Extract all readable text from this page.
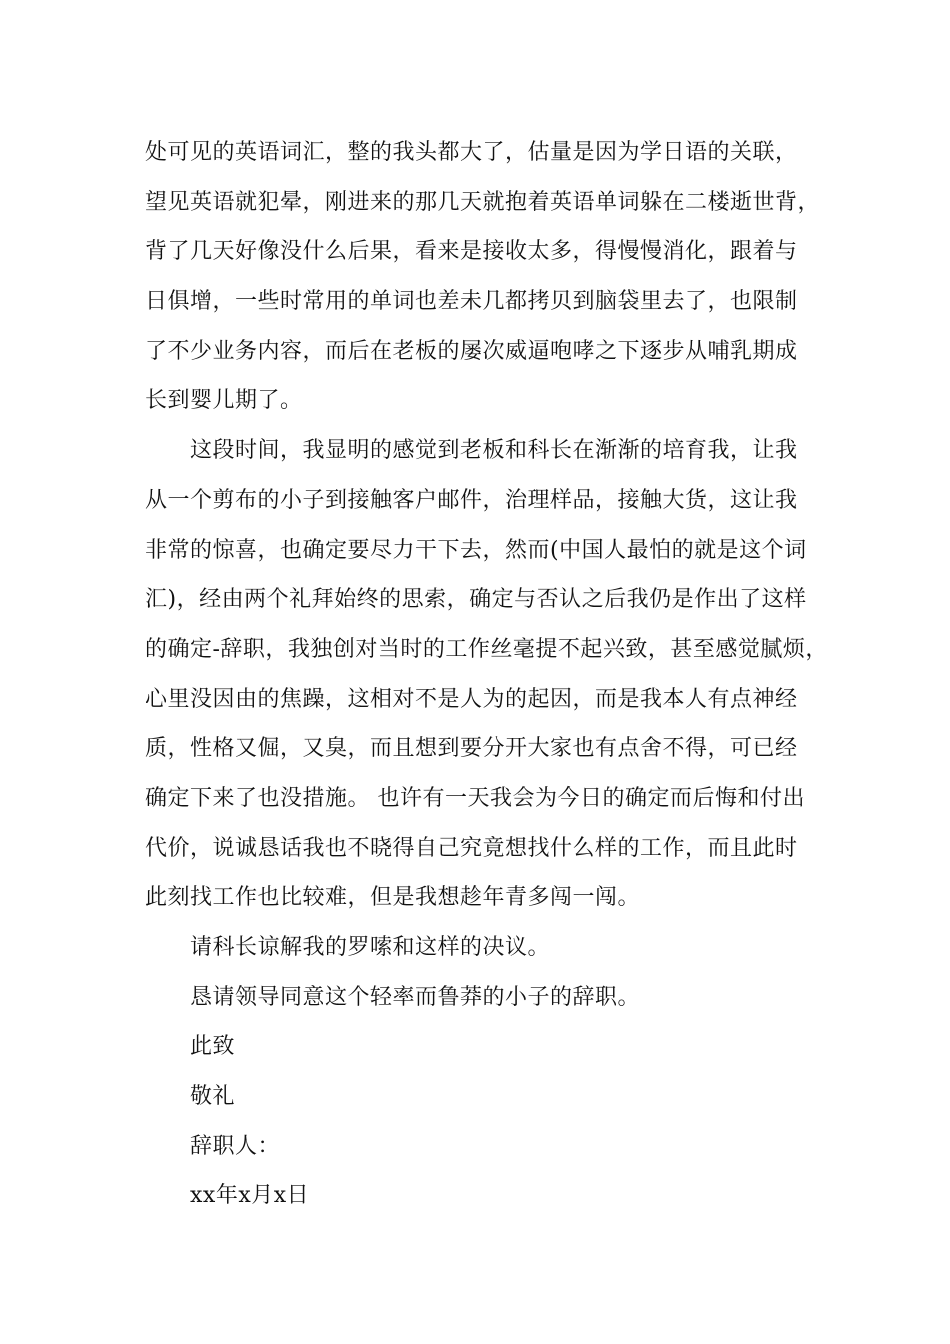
处可见的英语词汇，整的我头都大了，估量是因为学日语的关联，
望见英语就犯晕，刚进来的那几天就抱着英语单词躲在二楼逝世背，
背了几天好像没什么后果，看来是接收太多，得慢慢消化，跟着与
日俱增，一些时常用的单词也差未几都拷贝到脑袋里去了，也限制
了不少业务内容，而后在老板的屡次威逼咆哮之下逐步从哺乳期成
长到婴儿期了。
这段时间，我显明的感觉到老板和科长在渐渐的培育我，让我
从一个剪布的小子到接触客户邮件，治理样品，接触大货，这让我
非常的惊喜，也确定要尽力干下去，然而(中国人最怕的就是这个词
汇)，经由两个礼拜始终的思索，确定与否认之后我仍是作出了这样
的确定-辞职，我独创对当时的工作丝毫提不起兴致，甚至感觉腻烦，
心里没因由的焦躁，这相对不是人为的起因，而是我本人有点神经
质，性格又倔，又臭，而且想到要分开大家也有点舍不得，可已经
确定下来了也没措施。 也许有一天我会为今日的确定而后悔和付出
代价，说诚恳话我也不晓得自己究竟想找什么样的工作，而且此时
此刻找工作也比较难，但是我想趁年青多闯一闯。
请科长谅解我的罗嗦和这样的决议。
恳请领导同意这个轻率而鲁莽的小子的辞职。
此致
敬礼
辞职人：
xx年x月x日
